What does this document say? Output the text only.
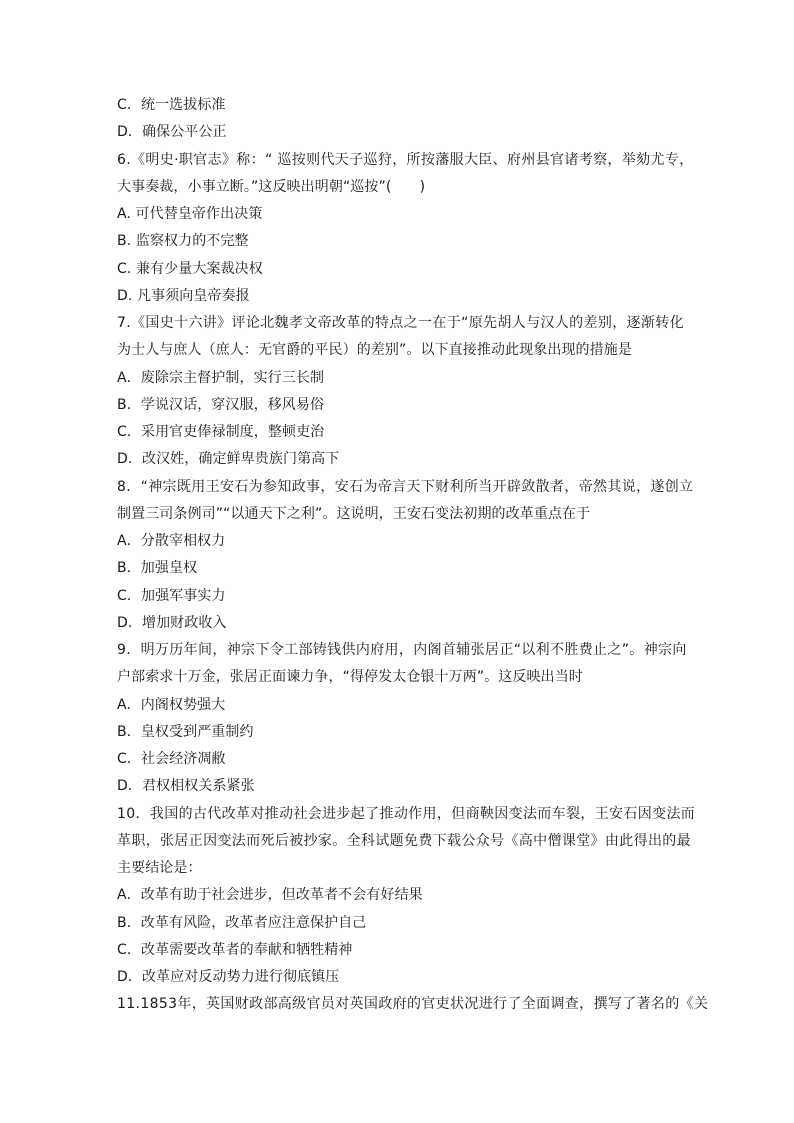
C．统一选拔标准
D．确保公平公正
6.《明史·职官志》称：“ 巡按则代天子巡狩，所按藩服大臣、府州县官诸考察，举劾尤专，
大事奏裁，小事立断。”这反映出明朝“巡按”(　　)
A. 可代替皇帝作出决策
B. 监察权力的不完整
C. 兼有少量大案裁决权
D. 凡事须向皇帝奏报
7.《国史十六讲》评论北魏孝文帝改革的特点之一在于“原先胡人与汉人的差别，逐渐转化
为士人与庶人（庶人：无官爵的平民）的差别”。以下直接推动此现象出现的措施是
A．废除宗主督护制，实行三长制
B．学说汉话，穿汉服，移风易俗
C．采用官吏俸禄制度，整顿吏治
D．改汉姓，确定鲜卑贵族门第高下
8．“神宗既用王安石为参知政事，安石为帝言天下财利所当开辟敛散者，帝然其说，遂创立
制置三司条例司”“以通天下之利”。这说明，王安石变法初期的改革重点在于
A．分散宰相权力
B．加强皇权
C．加强军事实力
D．增加财政收入
9．明万历年间，神宗下令工部铸钱供内府用，内阁首辅张居正“以利不胜费止之”。神宗向
户部索求十万金，张居正面谏力争，“得停发太仓银十万两”。这反映出当时
A．内阁权势强大
B．皇权受到严重制约
C．社会经济凋敝
D．君权相权关系紧张
10．我国的古代改革对推动社会进步起了推动作用，但商鞅因变法而车裂，王安石因变法而
革职，张居正因变法而死后被抄家。全科试题免费下载公众号《高中僧课堂》由此得出的最
主要结论是：
A．改革有助于社会进步，但改革者不会有好结果
B．改革有风险，改革者应注意保护自己
C．改革需要改革者的奉献和牺牲精神
D．改革应对反动势力进行彻底镇压
11.1853年，英国财政部高级官员对英国政府的官吏状况进行了全面调查，撰写了著名的《关
